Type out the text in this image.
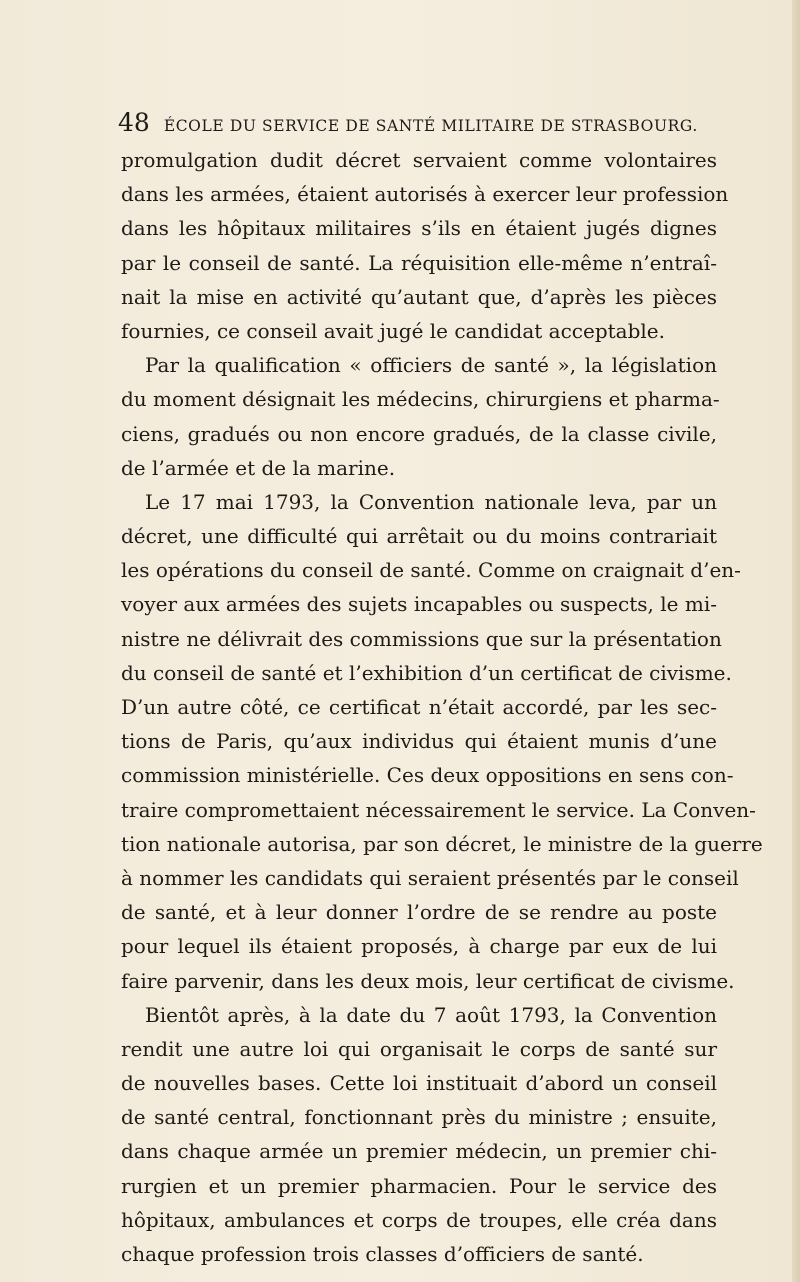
48 ÉCOLE DU SERVICE DE SANTÉ MILITAIRE DE STRASBOURG.
promulgation dudit décret servaient comme volontaires
dans les armées, étaient autorisés à exercer leur profession
dans les hôpitaux militaires s’ils en étaient jugés dignes
par le conseil de santé. La réquisition elle-même n’entraî-
nait la mise en activité qu’autant que, d’après les pièces
fournies, ce conseil avait jugé le candidat acceptable.
Par la qualification « officiers de santé », la législation
du moment désignait les médecins, chirurgiens et pharma-
ciens, gradués ou non encore gradués, de la classe civile,
de l’armée et de la marine.
Le 17 mai 1793, la Convention nationale leva, par un
décret, une difficulté qui arrêtait ou du moins contrariait
les opérations du conseil de santé. Comme on craignait d’en-
voyer aux armées des sujets incapables ou suspects, le mi-
nistre ne délivrait des commissions que sur la présentation
du conseil de santé et l’exhibition d’un certificat de civisme.
D’un autre côté, ce certificat n’était accordé, par les sec-
tions de Paris, qu’aux individus qui étaient munis d’une
commission ministérielle. Ces deux oppositions en sens con-
traire compromettaient nécessairement le service. La Conven-
tion nationale autorisa, par son décret, le ministre de la guerre
à nommer les candidats qui seraient présentés par le conseil
de santé, et à leur donner l’ordre de se rendre au poste
pour lequel ils étaient proposés, à charge par eux de lui
faire parvenir, dans les deux mois, leur certificat de civisme.
Bientôt après, à la date du 7 août 1793, la Convention
rendit une autre loi qui organisait le corps de santé sur
de nouvelles bases. Cette loi instituait d’abord un conseil
de santé central, fonctionnant près du ministre ; ensuite,
dans chaque armée un premier médecin, un premier chi-
rurgien et un premier pharmacien. Pour le service des
hôpitaux, ambulances et corps de troupes, elle créa dans
chaque profession trois classes d’officiers de santé.
